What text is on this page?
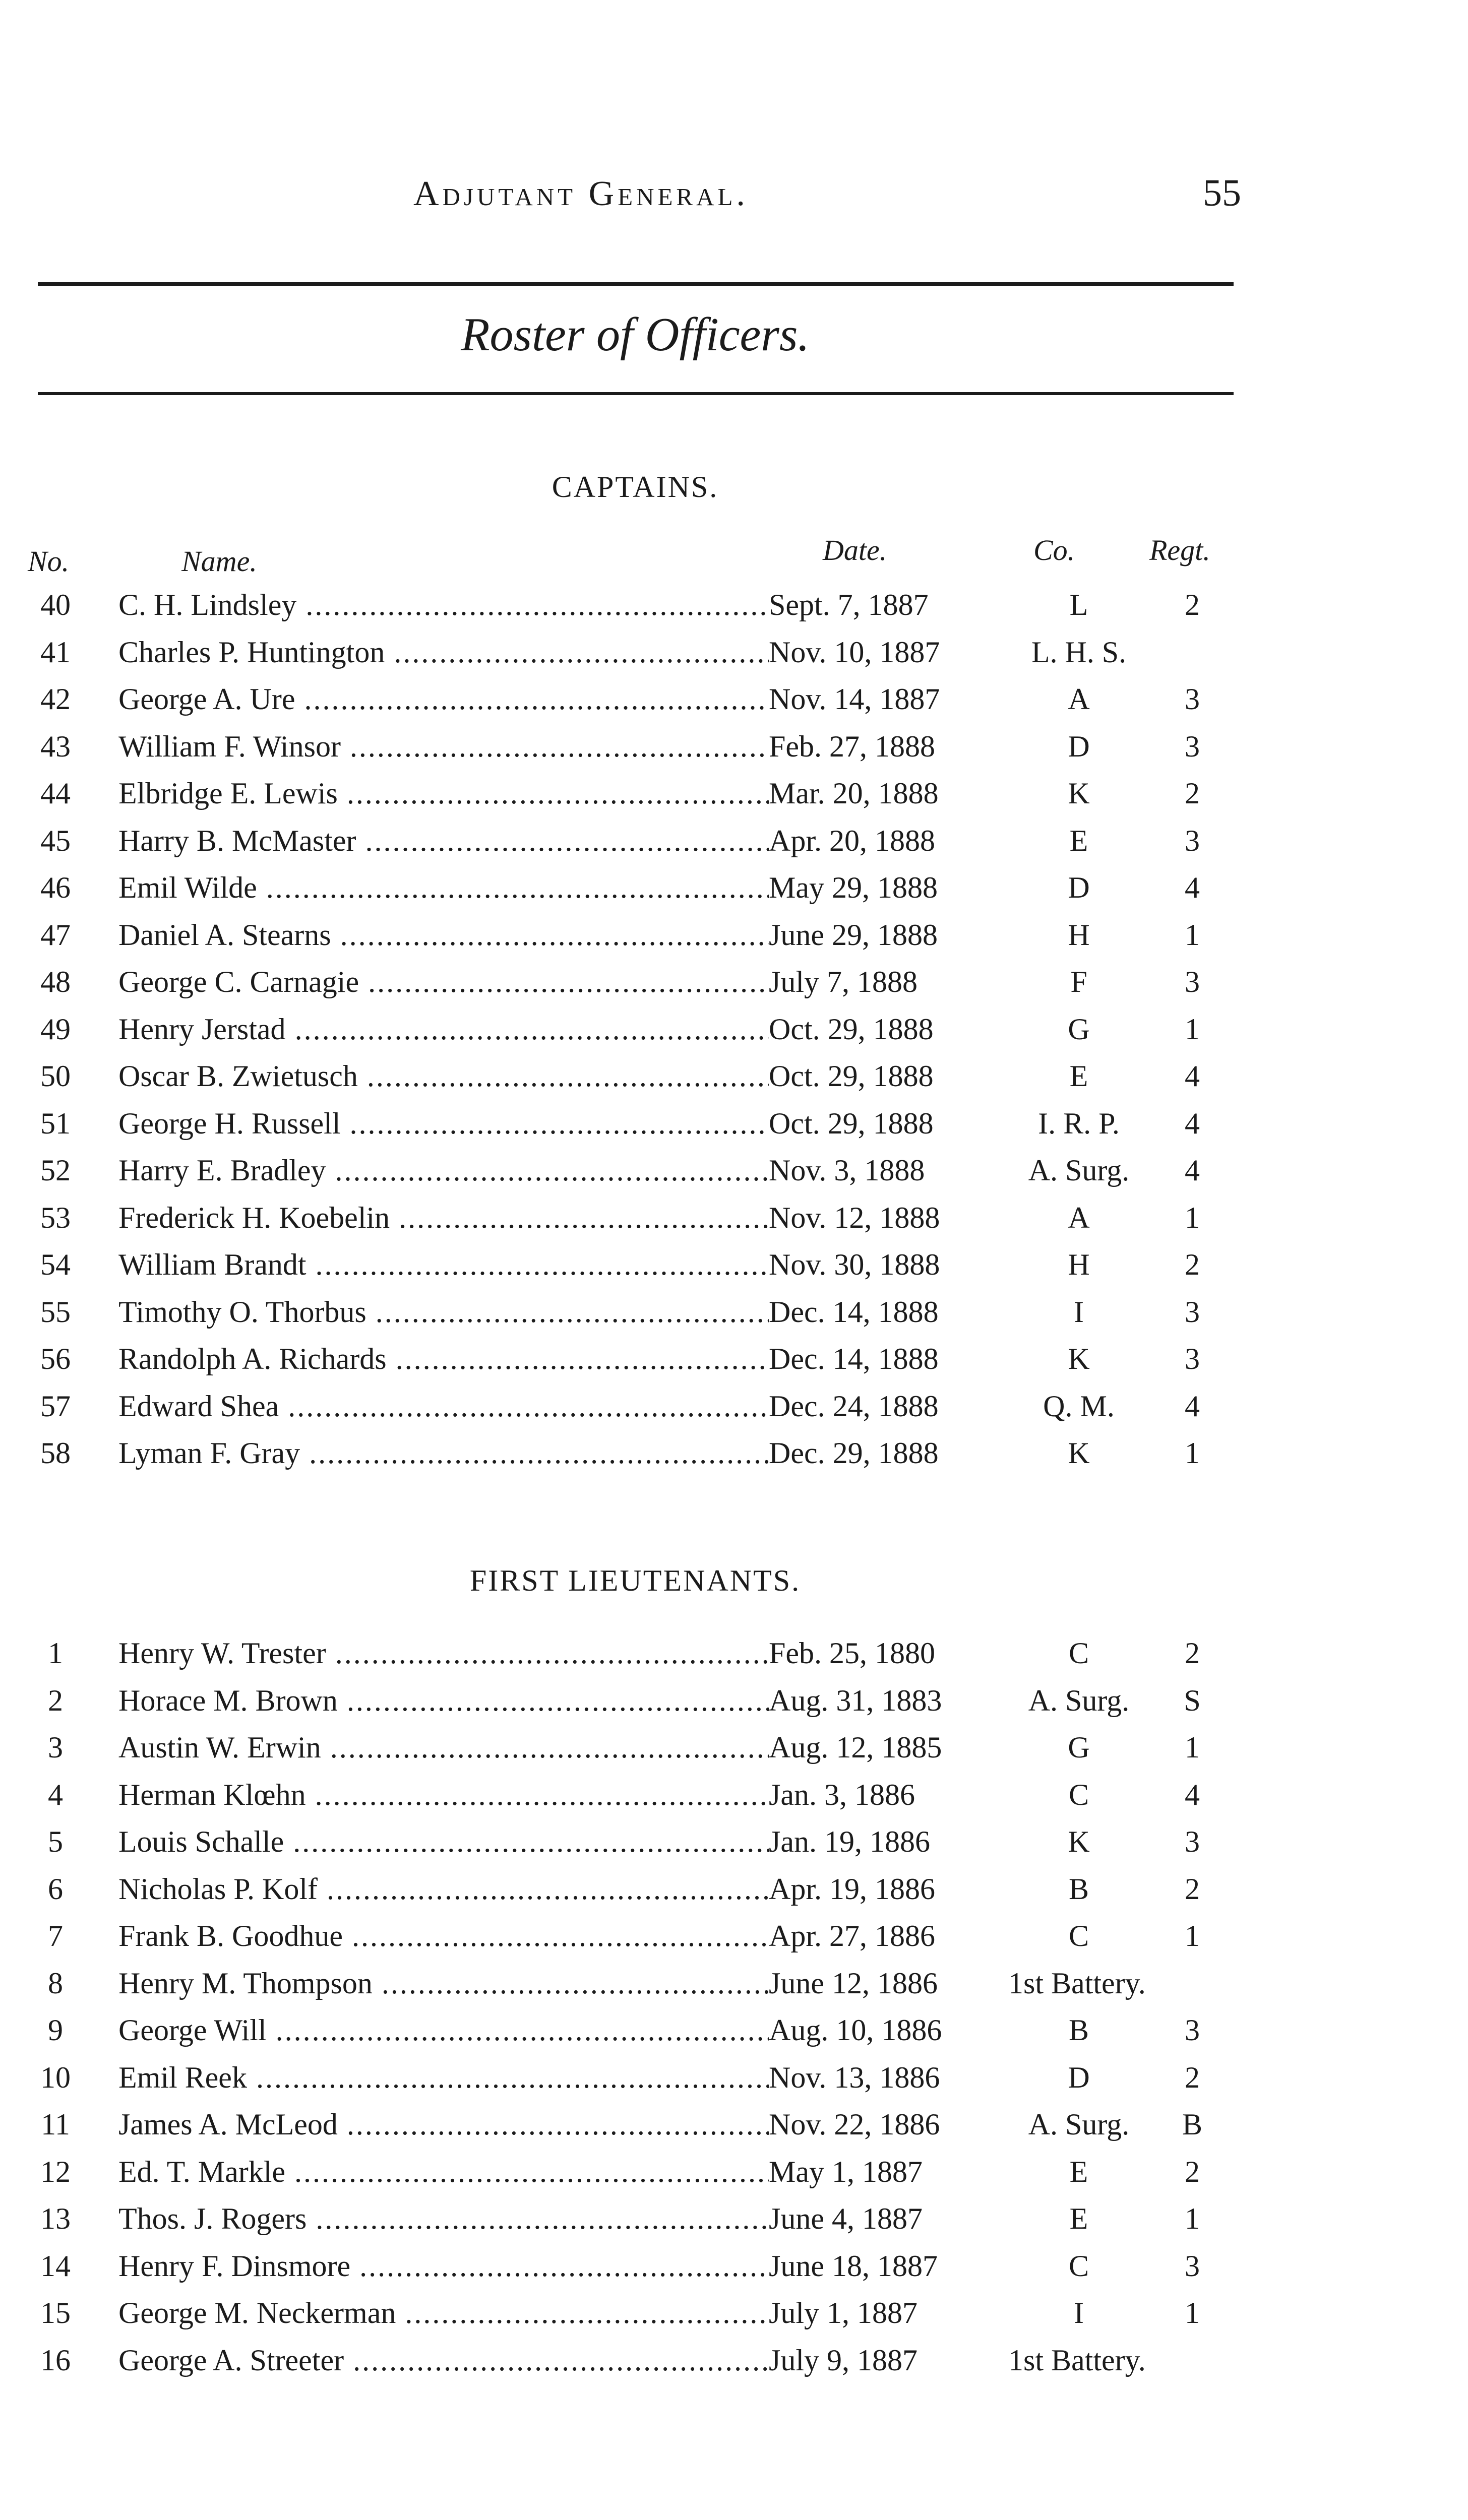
Adjutant General.	55
Roster of Officers.
CAPTAINS.
No.	Name.	Date.	Co.	Regt.
40	C. H. Lindsley .....	Sept. 7, 1887	L	2
41	Charles P. Huntington .....	Nov. 10, 1887	L. H. S.
42	George A. Ure .....	Nov. 14, 1887	A	3
43	William F. Winsor .....	Feb. 27, 1888	D	3
44	Elbridge E. Lewis .....	Mar. 20, 1888	K	2
45	Harry B. McMaster .....	Apr. 20, 1888	E	3
46	Emil Wilde .....	May 29, 1888	D	4
47	Daniel A. Stearns .....	June 29, 1888	H	1
48	George C. Carnagie .....	July 7, 1888	F	3
49	Henry Jerstad .....	Oct. 29, 1888	G	1
50	Oscar B. Zwietusch .....	Oct. 29, 1888	E	4
51	George H. Russell .....	Oct. 29, 1888	I. R. P.	4
52	Harry E. Bradley .....	Nov. 3, 1888	A. Surg.	4
53	Frederick H. Koebelin .....	Nov. 12, 1888	A	1
54	William Brandt .....	Nov. 30, 1888	H	2
55	Timothy O. Thorbus .....	Dec. 14, 1888	I	3
56	Randolph A. Richards .....	Dec. 14, 1888	K	3
57	Edward Shea .....	Dec. 24, 1888	Q. M.	4
58	Lyman F. Gray .....	Dec. 29, 1888	K	1
FIRST LIEUTENANTS.
1	Henry W. Trester .....	Feb. 25, 1880	C	2
2	Horace M. Brown .....	Aug. 31, 1883	A. Surg.	S
3	Austin W. Erwin .....	Aug. 12, 1885	G	1
4	Herman Klœhn .....	Jan. 3, 1886	C	4
5	Louis Schalle .....	Jan. 19, 1886	K	3
6	Nicholas P. Kolf .....	Apr. 19, 1886	B	2
7	Frank B. Goodhue .....	Apr. 27, 1886	C	1
8	Henry M. Thompson .....	June 12, 1886 1st Battery.
9	George Will .....	Aug. 10, 1886	B	3
10	Emil Reek .....	Nov. 13, 1886	D	2
11	James A. McLeod .....	Nov. 22, 1886	A. Surg.	B
12	Ed. T. Markle .....	May 1, 1887	E	2
13	Thos. J. Rogers .....	June 4, 1887	E	1
14	Henry F. Dinsmore .....	June 18, 1887	C	3
15	George M. Neckerman .....	July 1, 1887	I	1
16	George A. Streeter .....	July 9, 1887	1st Battery.
